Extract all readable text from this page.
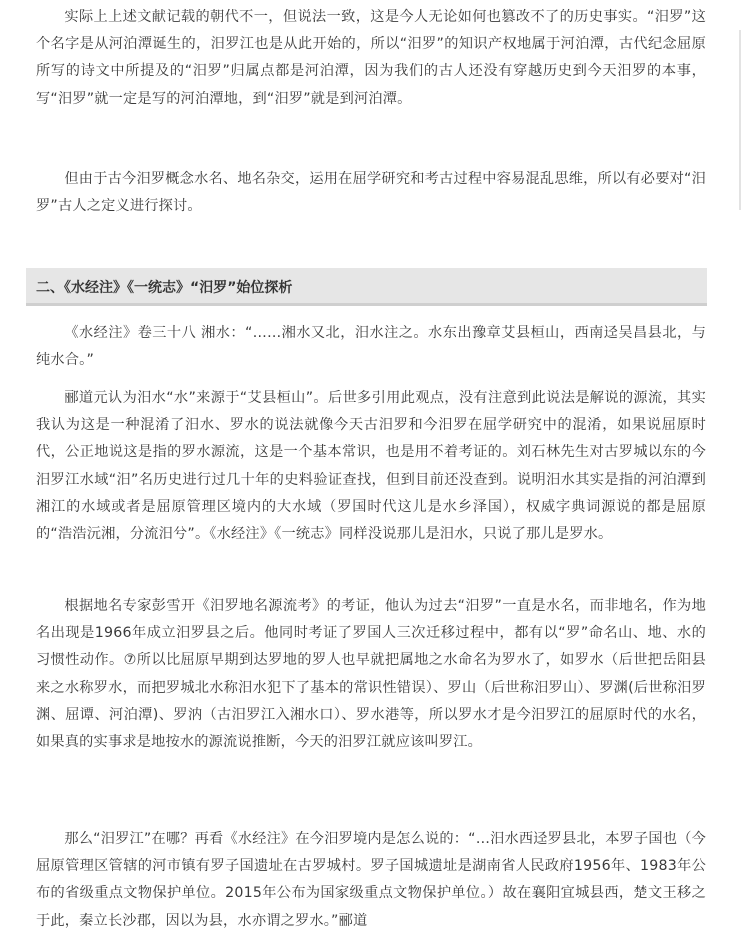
实际上上述文献记载的朝代不一，但说法一致，这是今人无论如何也篡改不了的历史事实。“汨罗”这个名字是从河泊潭诞生的，汨罗江也是从此开始的，所以“汨罗”的知识产权地属于河泊潭，古代纪念屈原所写的诗文中所提及的“汨罗”归属点都是河泊潭，因为我们的古人还没有穿越历史到今天汨罗的本事，写“汨罗”就一定是写的河泊潭地，到“汨罗”就是到河泊潭。

但由于古今汨罗概念水名、地名杂交，运用在屈学研究和考古过程中容易混乱思维，所以有必要对“汨罗”古人之定义进行探讨。

二、《水经注》《一统志》“汨罗”始位探析

《水经注》卷三十八 湘水：“……湘水又北，汨水注之。水东出豫章艾县桓山，西南迳吴昌县北，与纯水合。”

郦道元认为汨水“水”来源于“艾县桓山”。后世多引用此观点，没有注意到此说法是解说的源流，其实我认为这是一种混淆了汨水、罗水的说法就像今天古汨罗和今汨罗在屈学研究中的混淆，如果说屈原时代，公正地说这是指的罗水源流，这是一个基本常识，也是用不着考证的。刘石林先生对古罗城以东的今汨罗江水域“汨”名历史进行过几十年的史料验证查找，但到目前还没查到。说明汨水其实是指的河泊潭到湘江的水域或者是屈原管理区境内的大水域（罗国时代这儿是水乡泽国），权威字典词源说的都是屈原的“浩浩沅湘，分流汨兮”。《水经注》《一统志》同样没说那儿是汨水，只说了那儿是罗水。

根据地名专家彭雪开《汨罗地名源流考》的考证，他认为过去“汨罗”一直是水名，而非地名，作为地名出现是1966年成立汨罗县之后。他同时考证了罗国人三次迁移过程中，都有以“罗”命名山、地、水的习惯性动作。⑦所以比屈原早期到达罗地的罗人也早就把属地之水命名为罗水了，如罗水（后世把岳阳县来之水称罗水，而把罗城北水称汨水犯下了基本的常识性错误）、罗山（后世称汨罗山）、罗渊(后世称汨罗渊、屈谭、河泊潭)、罗汭（古汨罗江入湘水口）、罗水港等，所以罗水才是今汨罗江的屈原时代的水名，如果真的实事求是地按水的源流说推断，今天的汨罗江就应该叫罗江。

那么“汨罗江”在哪？再看《水经注》在今汨罗境内是怎么说的：“…汨水西迳罗县北，本罗子国也（今屈原管理区管辖的河市镇有罗子国遗址在古罗城村。罗子国城遗址是湖南省人民政府1956年、1983年公布的省级重点文物保护单位。2015年公布为国家级重点文物保护单位。）故在襄阳宜城县西，楚文王移之于此，秦立长沙郡，因以为县，水亦谓之罗水。”郦道
